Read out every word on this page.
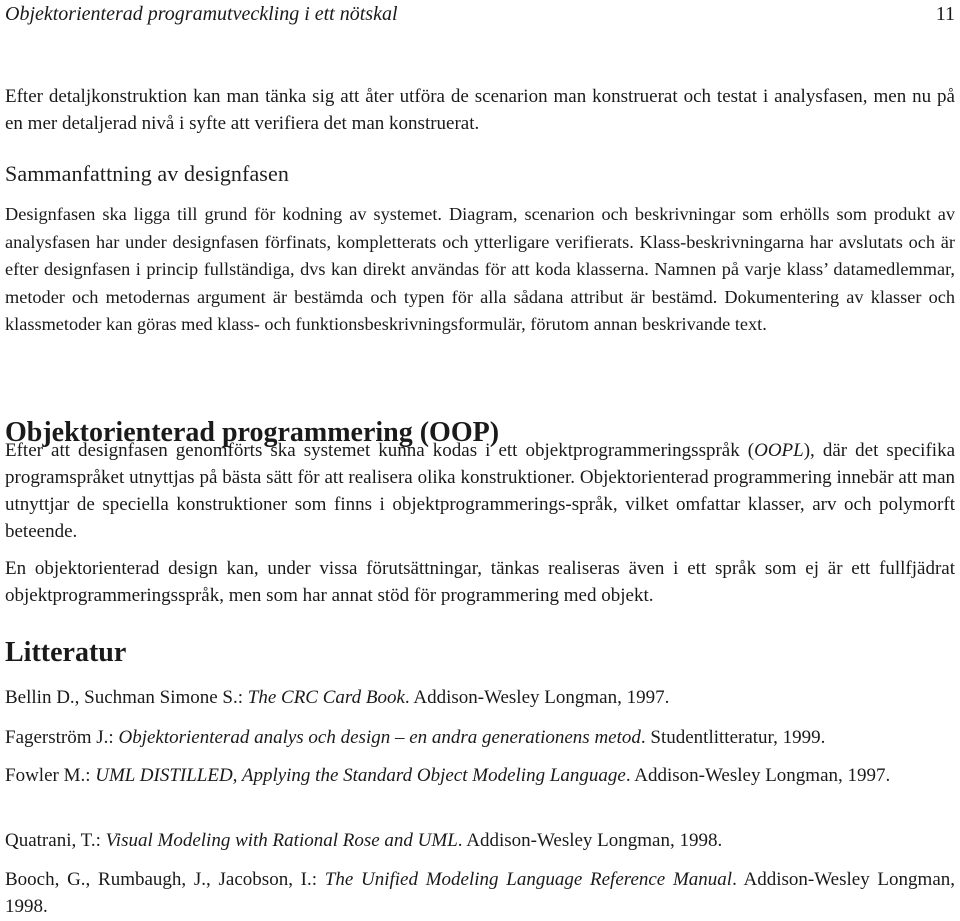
Objektorienterad programutveckling i ett nötskal	11

Efter detaljkonstruktion kan man tänka sig att åter utföra de scenarion man konstruerat och testat i analysfasen, men nu på en mer detaljerad nivå i syfte att verifiera det man konstruerat.

Sammanfattning av designfasen

Designfasen ska ligga till grund för kodning av systemet. Diagram, scenarion och beskrivningar som erhölls som produkt av analysfasen har under designfasen förfinats, kompletterats och ytterligare verifierats. Klass-beskrivningarna har avslutats och är efter designfasen i princip fullständiga, dvs kan direkt användas för att koda klasserna. Namnen på varje klass’ datamedlemmar, metoder och metodernas argument är bestämda och typen för alla sådana attribut är bestämd. Dokumentering av klasser och klassmetoder kan göras med klass- och funktionsbeskrivningsformulär, förutom annan beskrivande text.

Objektorienterad programmering (OOP)

Efter att designfasen genomförts ska systemet kunna kodas i ett objektprogrammeringsspråk (OOPL), där det specifika programspråket utnyttjas på bästa sätt för att realisera olika konstruktioner. Objektorienterad programmering innebär att man utnyttjar de speciella konstruktioner som finns i objektprogrammerings-språk, vilket omfattar klasser, arv och polymorft beteende.

En objektorienterad design kan, under vissa förutsättningar, tänkas realiseras även i ett språk som ej är ett fullfjädrat objektprogrammeringsspråk, men som har annat stöd för programmering med objekt.

Litteratur
Bellin D., Suchman Simone S.: The CRC Card Book. Addison-Wesley Longman, 1997.
Fagerström J.: Objektorienterad analys och design – en andra generationens metod. Studentlitteratur, 1999.
Fowler M.: UML DISTILLED, Applying the Standard Object Modeling Language. Addison-Wesley Longman, 1997.
Quatrani, T.: Visual Modeling with Rational Rose and UML. Addison-Wesley Longman, 1998.
Booch, G., Rumbaugh, J., Jacobson, I.: The Unified Modeling Language Reference Manual. Addison-Wesley Longman, 1998.
